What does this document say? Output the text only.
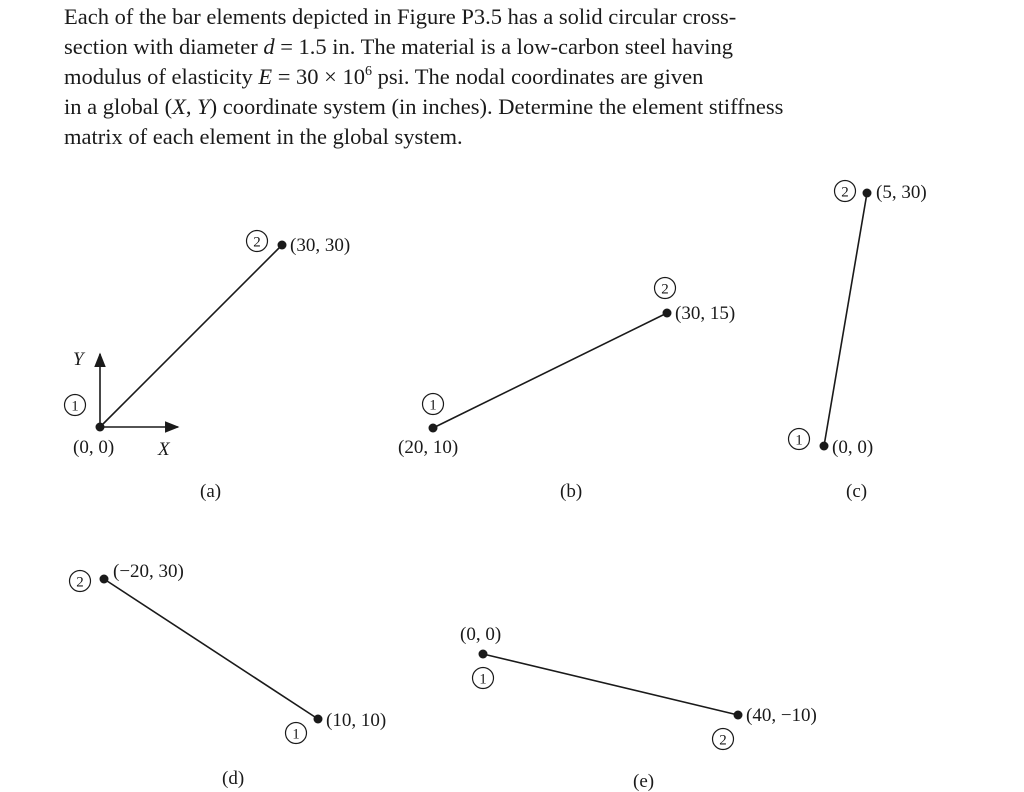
Each of the bar elements depicted in Figure P3.5 has a solid circular cross-
section with diameter d = 1.5 in. The material is a low-carbon steel having
modulus of elasticity $E = 30 \times 10^6$ psi. The nodal coordinates are given
in a global (X, Y) coordinate system (in inches). Determine the element stiffness
matrix of each element in the global system.
Y
X
1
2
(0, 0)
(30, 30)
(a)
1
2
(20, 10)
(30, 15)
(b)
1
2
(0, 0)
(5, 30)
(c)
1
2
(10, 10)
(−20, 30)
(d)
1
2
(0, 0)
(40, −10)
(e)
